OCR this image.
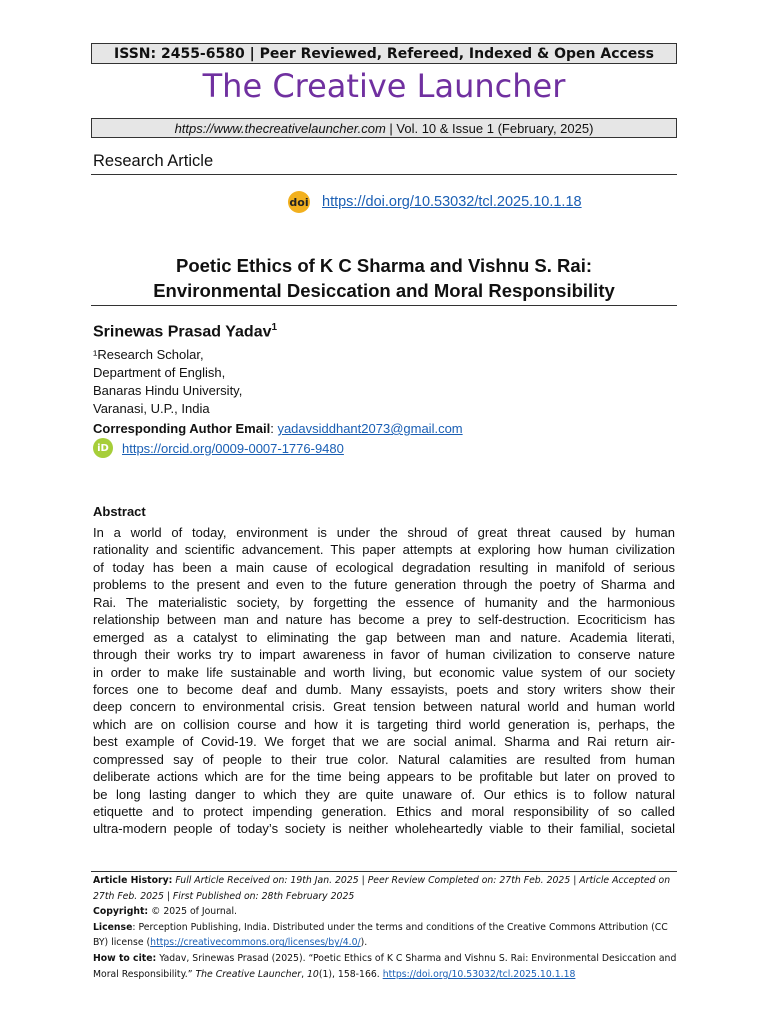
ISSN: 2455-6580 | Peer Reviewed, Refereed, Indexed & Open Access
The Creative Launcher
https://www.thecreativelauncher.com | Vol. 10 & Issue 1 (February, 2025)
Research Article
doi https://doi.org/10.53032/tcl.2025.10.1.18
Poetic Ethics of K C Sharma and Vishnu S. Rai:
Environmental Desiccation and Moral Responsibility
Srinewas Prasad Yadav$^1$
¹Research Scholar,
Department of English,
Banaras Hindu University,
Varanasi, U.P., India
Corresponding Author Email: yadavsiddhant2073@gmail.com
iD	https://orcid.org/0009-0007-1776-9480
Abstract
In a world of today, environment is under the shroud of great threat caused by human
rationality and scientific advancement. This paper attempts at exploring how human civilization
of today has been a main cause of ecological degradation resulting in manifold of serious
problems to the present and even to the future generation through the poetry of Sharma and
Rai. The materialistic society, by forgetting the essence of humanity and the harmonious
relationship between man and nature has become a prey to self-destruction. Ecocriticism has
emerged as a catalyst to eliminating the gap between man and nature. Academia literati,
through their works try to impart awareness in favor of human civilization to conserve nature
in order to make life sustainable and worth living, but economic value system of our society
forces one to become deaf and dumb. Many essayists, poets and story writers show their
deep concern to environmental crisis. Great tension between natural world and human world
which are on collision course and how it is targeting third world generation is, perhaps, the
best example of Covid-19. We forget that we are social animal. Sharma and Rai return air-
compressed say of people to their true color. Natural calamities are resulted from human
deliberate actions which are for the time being appears to be profitable but later on proved to
be long lasting danger to which they are quite unaware of. Our ethics is to follow natural
etiquette and to protect impending generation. Ethics and moral responsibility of so called
ultra-modern people of today’s society is neither wholeheartedly viable to their familial, societal

Article History: Full Article Received on: 19th Jan. 2025 | Peer Review Completed on: 27th Feb. 2025 | Article Accepted on

27th Feb. 2025 | First Published on: 28th February 2025

Copyright: © 2025 of Journal.

License: Perception Publishing, India. Distributed under the terms and conditions of the Creative Commons Attribution (CC

BY) license (https://creativecommons.org/licenses/by/4.0/).

How to cite: Yadav, Srinewas Prasad (2025). “Poetic Ethics of K C Sharma and Vishnu S. Rai: Environmental Desiccation and

Moral Responsibility.” The Creative Launcher, 10(1), 158-166. https://doi.org/10.53032/tcl.2025.10.1.18
